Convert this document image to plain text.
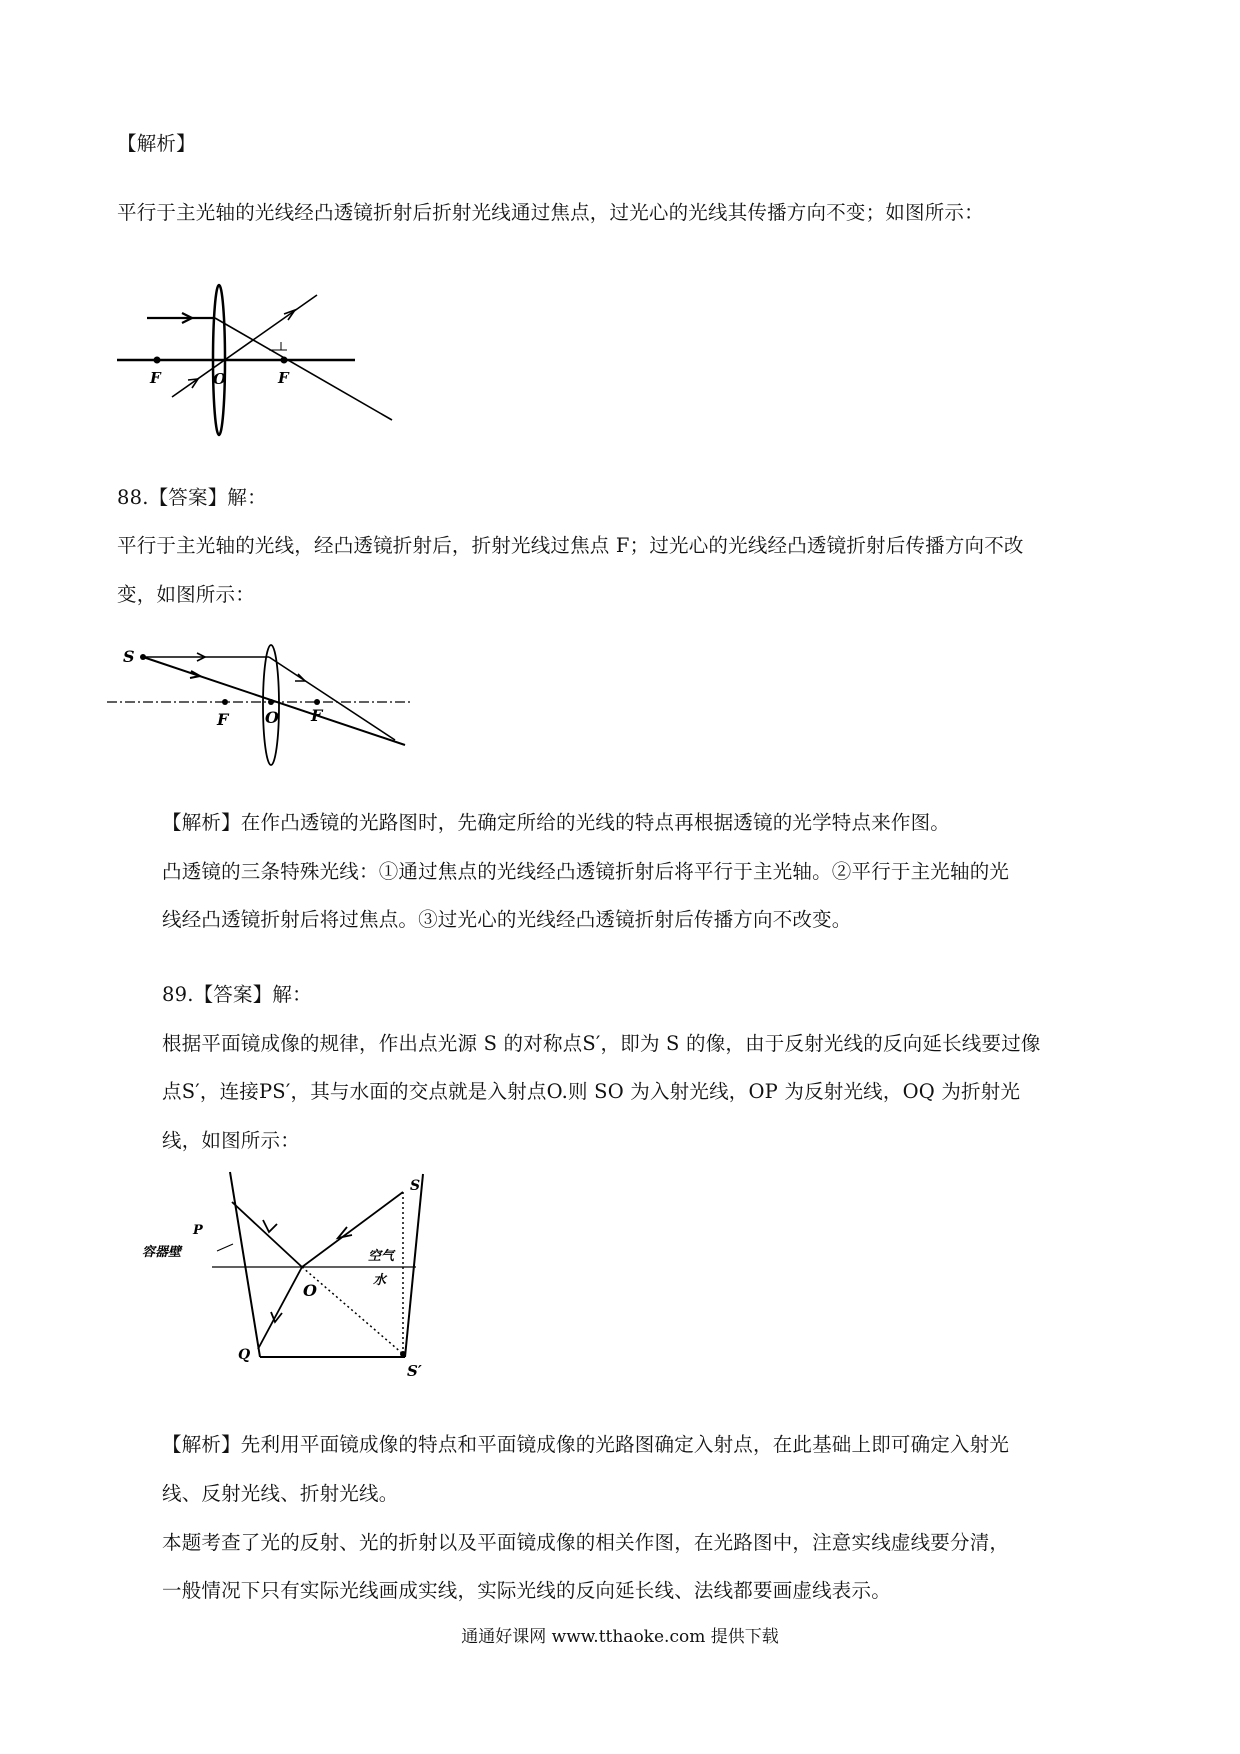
【解析】
平行于主光轴的光线经凸透镜折射后折射光线通过焦点，过光心的光线其传播方向不变；如图所示：
F	O	F
88.【答案】解：
平行于主光轴的光线，经凸透镜折射后，折射光线过焦点 F；过光心的光线经凸透镜折射后传播方向不改
变，如图所示：
S
F O F
【解析】在作凸透镜的光路图时，先确定所给的光线的特点再根据透镜的光学特点来作图。
凸透镜的三条特殊光线：①通过焦点的光线经凸透镜折射后将平行于主光轴。②平行于主光轴的光
线经凸透镜折射后将过焦点。③过光心的光线经凸透镜折射后传播方向不改变。
89.【答案】解：
根据平面镜成像的规律，作出点光源 S 的对称点S′，即为 S 的像，由于反射光线的反向延长线要过像
点S′，连接PS′，其与水面的交点就是入射点O.则 SO 为入射光线，OP 为反射光线，OQ 为折射光
线，如图所示：
S
P
容器壁	空气
水
O
Q
S′
【解析】先利用平面镜成像的特点和平面镜成像的光路图确定入射点，在此基础上即可确定入射光
线、反射光线、折射光线。
本题考查了光的反射、光的折射以及平面镜成像的相关作图，在光路图中，注意实线虚线要分清，
一般情况下只有实际光线画成实线，实际光线的反向延长线、法线都要画虚线表示。
通通好课网 www.tthaoke.com 提供下载
